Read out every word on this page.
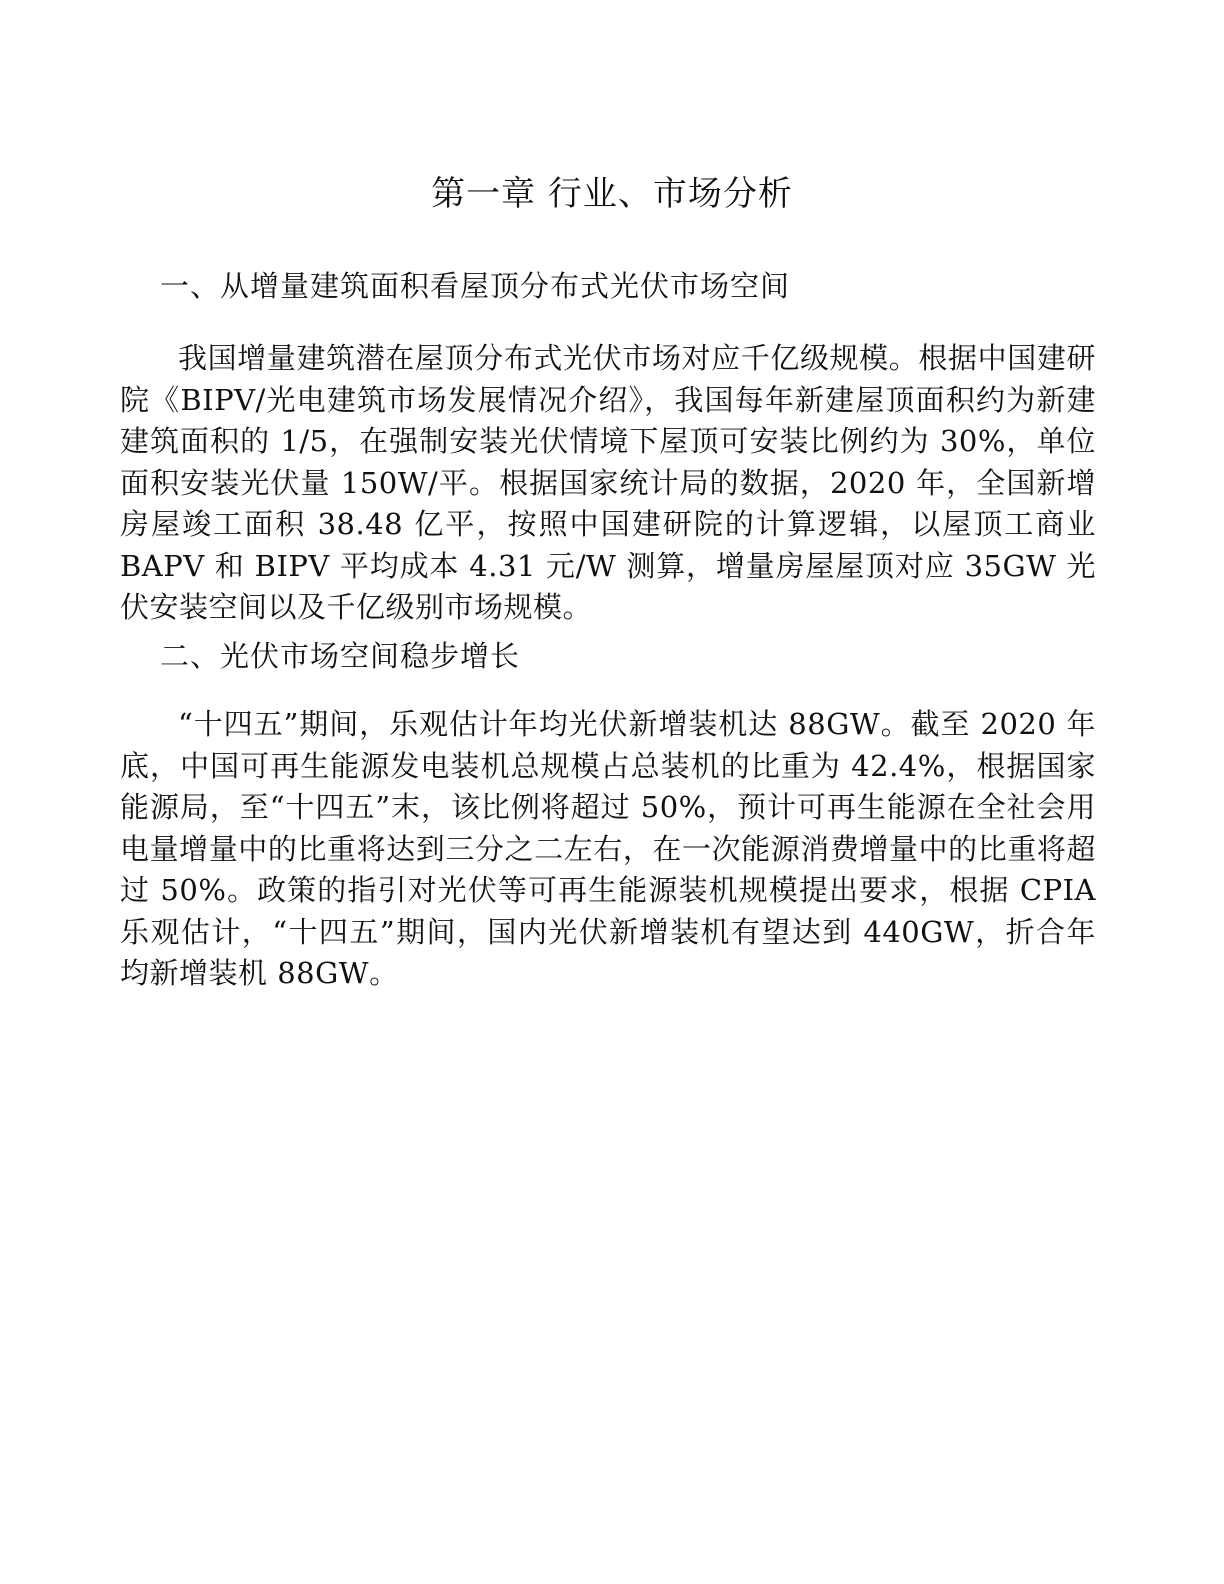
第一章 行业、市场分析
一、从增量建筑面积看屋顶分布式光伏市场空间

我国增量建筑潜在屋顶分布式光伏市场对应千亿级规模。根据中国建研院《BIPV/光电建筑市场发展情况介绍》，我国每年新建屋顶面积约为新建建筑面积的 1/5，在强制安装光伏情境下屋顶可安装比例约为 30%，单位面积安装光伏量 150W/平。根据国家统计局的数据，2020 年，全国新增房屋竣工面积 38.48 亿平，按照中国建研院的计算逻辑，以屋顶工商业 BAPV 和 BIPV 平均成本 4.31 元/W 测算，增量房屋屋顶对应 35GW 光伏安装空间以及千亿级别市场规模。

二、光伏市场空间稳步增长

“十四五”期间，乐观估计年均光伏新增装机达 88GW。截至 2020 年底，中国可再生能源发电装机总规模占总装机的比重为 42.4%，根据国家能源局，至“十四五”末，该比例将超过 50%，预计可再生能源在全社会用电量增量中的比重将达到三分之二左右，在一次能源消费增量中的比重将超过 50%。政策的指引对光伏等可再生能源装机规模提出要求，根据 CPIA 乐观估计，“十四五”期间，国内光伏新增装机有望达到 440GW，折合年均新增装机 88GW。
